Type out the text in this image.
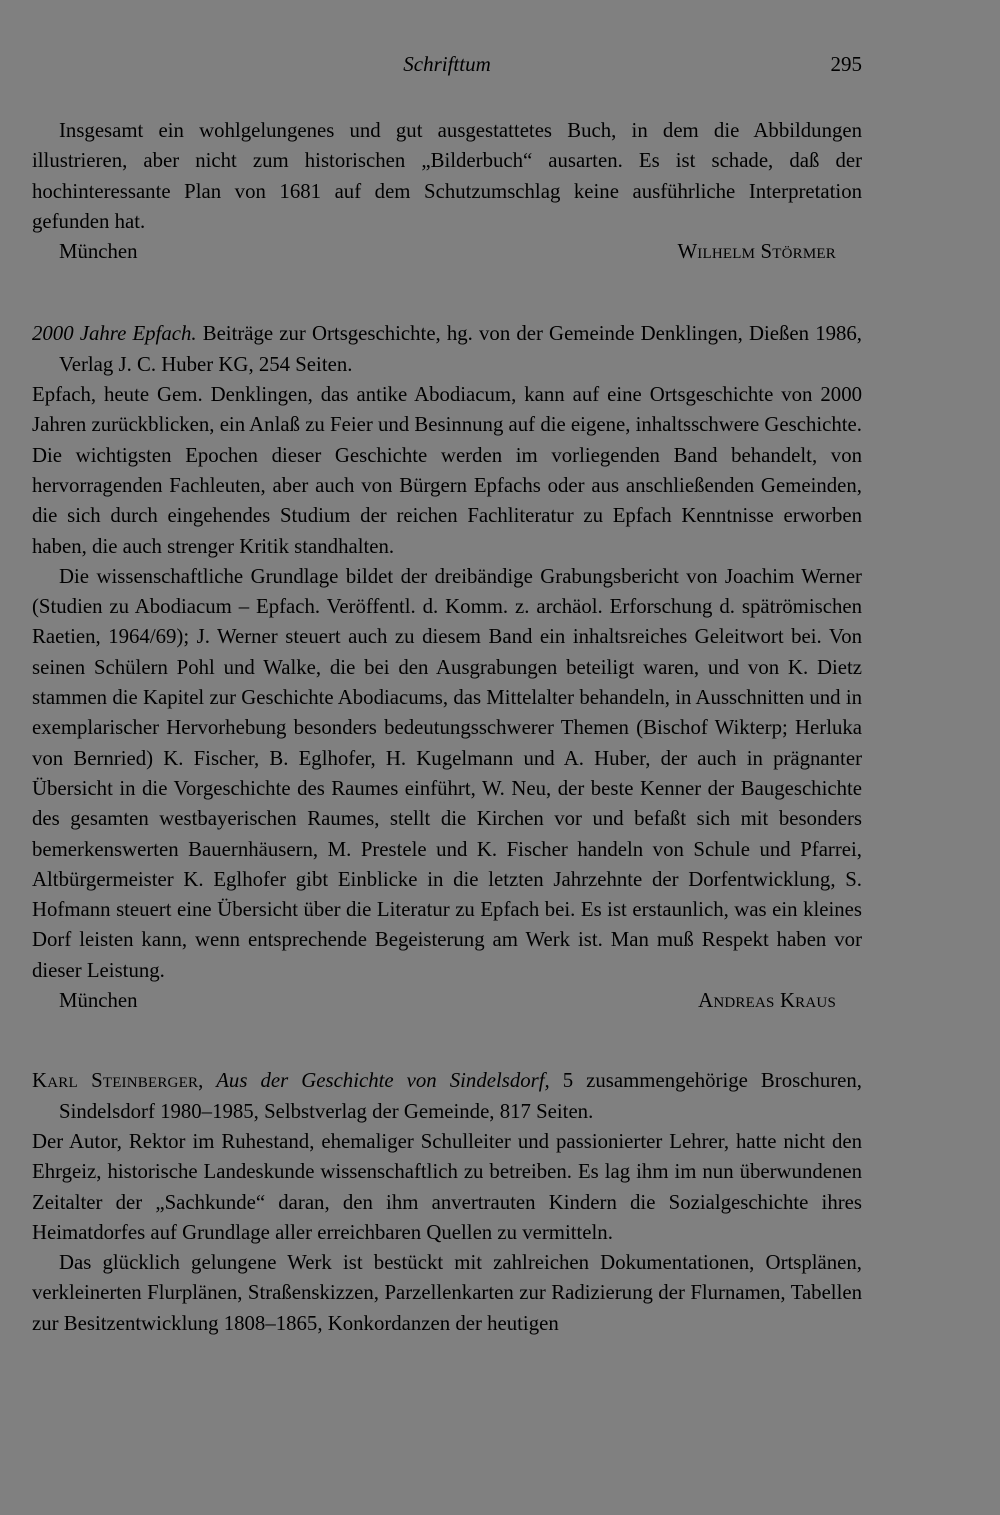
Schrifttum	295

Insgesamt ein wohlgelungenes und gut ausgestattetes Buch, in dem die Abbildungen illustrieren, aber nicht zum historischen „Bilderbuch“ ausarten. Es ist schade, daß der hochinteressante Plan von 1681 auf dem Schutzumschlag keine ausführliche Interpretation gefunden hat.

München	Wilhelm Störmer

2000 Jahre Epfach. Beiträge zur Ortsgeschichte, hg. von der Gemeinde Denklingen, Dießen 1986, Verlag J. C. Huber KG, 254 Seiten.

Epfach, heute Gem. Denklingen, das antike Abodiacum, kann auf eine Ortsgeschichte von 2000 Jahren zurückblicken, ein Anlaß zu Feier und Besinnung auf die eigene, inhaltsschwere Geschichte. Die wichtigsten Epochen dieser Geschichte werden im vorliegenden Band behandelt, von hervorragenden Fachleuten, aber auch von Bürgern Epfachs oder aus anschließenden Gemeinden, die sich durch eingehendes Studium der reichen Fachliteratur zu Epfach Kenntnisse erworben haben, die auch strenger Kritik standhalten.

Die wissenschaftliche Grundlage bildet der dreibändige Grabungsbericht von Joachim Werner (Studien zu Abodiacum – Epfach. Veröffentl. d. Komm. z. archäol. Erforschung d. spätrömischen Raetien, 1964/69); J. Werner steuert auch zu diesem Band ein inhaltsreiches Geleitwort bei. Von seinen Schülern Pohl und Walke, die bei den Ausgrabungen beteiligt waren, und von K. Dietz stammen die Kapitel zur Geschichte Abodiacums, das Mittelalter behandeln, in Ausschnitten und in exemplarischer Hervorhebung besonders bedeutungsschwerer Themen (Bischof Wikterp; Herluka von Bernried) K. Fischer, B. Eglhofer, H. Kugelmann und A. Huber, der auch in prägnanter Übersicht in die Vorgeschichte des Raumes einführt, W. Neu, der beste Kenner der Baugeschichte des gesamten westbayerischen Raumes, stellt die Kirchen vor und befaßt sich mit besonders bemerkenswerten Bauernhäusern, M. Prestele und K. Fischer handeln von Schule und Pfarrei, Altbürgermeister K. Eglhofer gibt Einblicke in die letzten Jahrzehnte der Dorfentwicklung, S. Hofmann steuert eine Übersicht über die Literatur zu Epfach bei. Es ist erstaunlich, was ein kleines Dorf leisten kann, wenn entsprechende Begeisterung am Werk ist. Man muß Respekt haben vor dieser Leistung.

München	Andreas Kraus

Karl Steinberger, Aus der Geschichte von Sindelsdorf, 5 zusammengehörige Broschuren, Sindelsdorf 1980–1985, Selbstverlag der Gemeinde, 817 Seiten.

Der Autor, Rektor im Ruhestand, ehemaliger Schulleiter und passionierter Lehrer, hatte nicht den Ehrgeiz, historische Landeskunde wissenschaftlich zu betreiben. Es lag ihm im nun überwundenen Zeitalter der „Sachkunde“ daran, den ihm anvertrauten Kindern die Sozialgeschichte ihres Heimatdorfes auf Grundlage aller erreichbaren Quellen zu vermitteln.

Das glücklich gelungene Werk ist bestückt mit zahlreichen Dokumentationen, Ortsplänen, verkleinerten Flurplänen, Straßenskizzen, Parzellenkarten zur Radizierung der Flurnamen, Tabellen zur Besitzentwicklung 1808–1865, Konkordanzen der heutigen
